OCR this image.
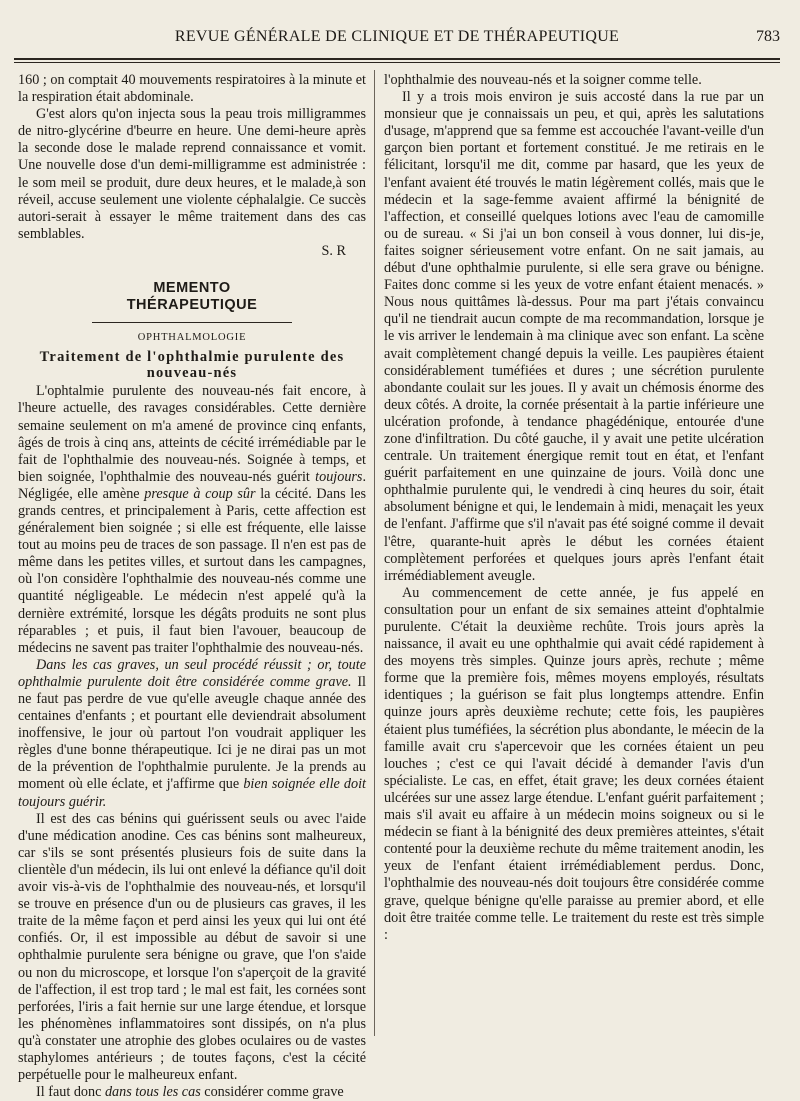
REVUE GÉNÉRALE DE CLINIQUE ET DE THÉRAPEUTIQUE	783

160 ; on comptait 40 mouvements respiratoires à la minute et la respiration était abdominale.

G'est alors qu'on injecta sous la peau trois milligrammes de nitro-glycérine d'beurre en heure. Une demi-heure après la seconde dose le malade reprend connaissance et vomit. Une nouvelle dose d'un demi-milligramme est administrée : le som meil se produit, dure deux heures, et le malade,à son réveil, accuse seulement une violente céphalalgie. Ce succès autori-serait à essayer le même traitement dans des cas semblables.

S. R

MEMENTO THÉRAPEUTIQUE
OPHTHALMOLOGIE
Traitement de l'ophthalmie purulente des nouveau-nés

L'ophtalmie purulente des nouveau-nés fait encore, à l'heure actuelle, des ravages considérables. Cette dernière semaine seulement on m'a amené de province cinq enfants, âgés de trois à cinq ans, atteints de cécité irrémédiable par le fait de l'ophthalmie des nouveau-nés. Soignée à temps, et bien soignée, l'ophthalmie des nouveau-nés guérit toujours. Négligée, elle amène presque à coup sûr la cécité. Dans les grands centres, et principalement à Paris, cette affection est généralement bien soignée ; si elle est fréquente, elle laisse tout au moins peu de traces de son passage. Il n'en est pas de même dans les petites villes, et surtout dans les campagnes, où l'on considère l'ophthalmie des nouveau-nés comme une quantité négligeable. Le médecin n'est appelé qu'à la dernière extrémité, lorsque les dégâts produits ne sont plus réparables ; et puis, il faut bien l'avouer, beaucoup de médecins ne savent pas traiter l'ophthalmie des nouveau-nés.

Dans les cas graves, un seul procédé réussit ; or, toute ophthalmie purulente doit être considérée comme grave. Il ne faut pas perdre de vue qu'elle aveugle chaque année des centaines d'enfants ; et pourtant elle deviendrait absolument inoffensive, le jour où partout l'on voudrait appliquer les règles d'une bonne thérapeutique. Ici je ne dirai pas un mot de la prévention de l'ophthalmie purulente. Je la prends au moment où elle éclate, et j'affirme que bien soignée elle doit toujours guérir.

Il est des cas bénins qui guérissent seuls ou avec l'aide d'une médication anodine. Ces cas bénins sont malheureux, car s'ils se sont présentés plusieurs fois de suite dans la clientèle d'un médecin, ils lui ont enlevé la défiance qu'il doit avoir vis-à-vis de l'ophthalmie des nouveau-nés, et lorsqu'il se trouve en présence d'un ou de plusieurs cas graves, il les traite de la même façon et perd ainsi les yeux qui lui ont été confiés. Or, il est impossible au début de savoir si une ophthalmie purulente sera bénigne ou grave, que l'on s'aide ou non du microscope, et lorsque l'on s'aperçoit de la gravité de l'affection, il est trop tard ; le mal est fait, les cornées sont perforées, l'iris a fait hernie sur une large étendue, et lorsque les phénomènes inflammatoires sont dissipés, on n'a plus qu'à constater une atrophie des globes oculaires ou de vastes staphylomes antérieurs ; de toutes façons, c'est la cécité perpétuelle pour le malheureux enfant.

Il faut donc dans tous les cas considérer comme grave

l'ophthalmie des nouveau-nés et la soigner comme telle.

Il y a trois mois environ je suis accosté dans la rue par un monsieur que je connaissais un peu, et qui, après les salutations d'usage, m'apprend que sa femme est accouchée l'avant-veille d'un garçon bien portant et fortement constitué. Je me retirais en le félicitant, lorsqu'il me dit, comme par hasard, que les yeux de l'enfant avaient été trouvés le matin légèrement collés, mais que le médecin et la sage-femme avaient affirmé la bénignité de l'affection, et conseillé quelques lotions avec l'eau de camomille ou de sureau. « Si j'ai un bon conseil à vous donner, lui dis-je, faites soigner sérieusement votre enfant. On ne sait jamais, au début d'une ophthalmie purulente, si elle sera grave ou bénigne. Faites donc comme si les yeux de votre enfant étaient menacés. » Nous nous quittâmes là-dessus. Pour ma part j'étais convaincu qu'il ne tiendrait aucun compte de ma recommandation, lorsque je le vis arriver le lendemain à ma clinique avec son enfant. La scène avait complètement changé depuis la veille. Les paupières étaient considérablement tuméfiées et dures ; une sécrétion purulente abondante coulait sur les joues. Il y avait un chémosis énorme des deux côtés. A droite, la cornée présentait à la partie inférieure une ulcération profonde, à tendance phagédénique, entourée d'une zone d'infiltration. Du côté gauche, il y avait une petite ulcération centrale. Un traitement énergique remit tout en état, et l'enfant guérit parfaitement en une quinzaine de jours. Voilà donc une ophthalmie purulente qui, le vendredi à cinq heures du soir, était absolument bénigne et qui, le lendemain à midi, menaçait les yeux de l'enfant. J'affirme que s'il n'avait pas été soigné comme il devait l'être, quarante-huit après le début les cornées étaient complètement perforées et quelques jours après l'enfant était irrémédiablement aveugle.

Au commencement de cette année, je fus appelé en consultation pour un enfant de six semaines atteint d'ophtalmie purulente. C'était la deuxième rechûte. Trois jours après la naissance, il avait eu une ophthalmie qui avait cédé rapidement à des moyens très simples. Quinze jours après, rechute ; même forme que la première fois, mêmes moyens employés, résultats identiques ; la guérison se fait plus longtemps attendre. Enfin quinze jours après deuxième rechute; cette fois, les paupières étaient plus tuméfiées, la sécrétion plus abondante, le méecin de la famille avait cru s'apercevoir que les cornées étaient un peu louches ; c'est ce qui l'avait décidé à demander l'avis d'un spécialiste. Le cas, en effet, était grave; les deux cornées étaient ulcérées sur une assez large étendue. L'enfant guérit parfaitement ; mais s'il avait eu affaire à un médecin moins soigneux ou si le médecin se fiant à la bénignité des deux premières atteintes, s'était contenté pour la deuxième rechute du même traitement anodin, les yeux de l'enfant étaient irrémédiablement perdus. Donc, l'ophthalmie des nouveau-nés doit toujours être considérée comme grave, quelque bénigne qu'elle paraisse au premier abord, et elle doit être traitée comme telle. Le traitement du reste est très simple :
